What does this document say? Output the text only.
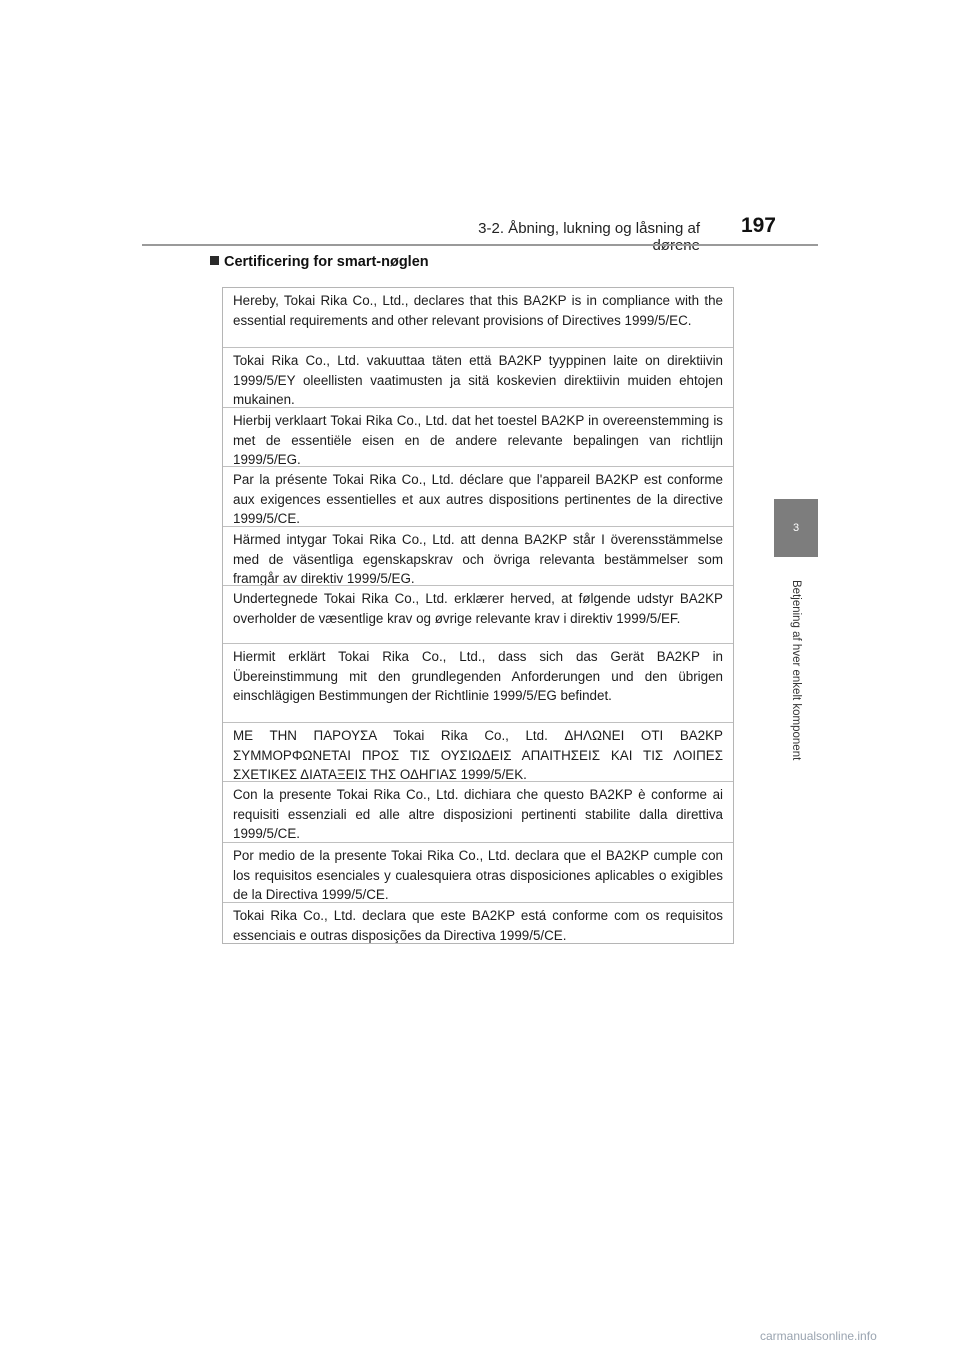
3-2. Åbning, lukning og låsning af	197
3
Betjening af hver enkelt komponent
Certificering for smart-nøglen
Hereby, Tokai Rika Co., Ltd., declares that this BA2KP is in compliance with the essential requirements and other relevant provisions of Directives 1999/5/EC.
Tokai Rika Co., Ltd. vakuuttaa täten että BA2KP tyyppinen laite on direktiivin 1999/5/EY oleellisten vaatimusten ja sitä koskevien direktiivin muiden ehtojen mukainen.
Hierbij verklaart Tokai Rika Co., Ltd. dat het toestel BA2KP in overeenstemming is met de essentiële eisen en de andere relevante bepalingen van richtlijn 1999/5/EG.
Par la présente Tokai Rika Co., Ltd. déclare que l'appareil BA2KP est conforme aux exigences essentielles et aux autres dispositions pertinentes de la directive 1999/5/CE.
Härmed intygar Tokai Rika Co., Ltd. att denna BA2KP står I överensstämmelse med de väsentliga egenskapskrav och övriga relevanta bestämmelser som framgår av direktiv 1999/5/EG.
Undertegnede Tokai Rika Co., Ltd. erklærer herved, at følgende udstyr BA2KP overholder de væsentlige krav og øvrige relevante krav i direktiv 1999/5/EF.
Hiermit erklärt Tokai Rika Co., Ltd., dass sich das Gerät BA2KP in Übereinstimmung mit den grundlegenden Anforderungen und den übrigen einschlägigen Bestimmungen der Richtlinie 1999/5/EG befindet.
ΜΕ ΤΗΝ ΠΑΡΟΥΣΑ Tokai Rika Co., Ltd. ΔΗΛΩΝΕΙ ΟΤΙ BA2KP ΣΥΜΜΟΡΦΩΝΕΤΑΙ ΠΡΟΣ ΤΙΣ ΟΥΣΙΩΔΕΙΣ ΑΠΑΙΤΗΣΕΙΣ ΚΑΙ ΤΙΣ ΛΟΙΠΕΣ ΣΧΕΤΙΚΕΣ ΔΙΑΤΑΞΕΙΣ ΤΗΣ ΟΔΗΓΙΑΣ 1999/5/ΕΚ.
Con la presente Tokai Rika Co., Ltd. dichiara che questo BA2KP è conforme ai requisiti essenziali ed alle altre disposizioni pertinenti stabilite dalla direttiva 1999/5/CE.
Por medio de la presente Tokai Rika Co., Ltd. declara que el BA2KP cumple con los requisitos esenciales y cualesquiera otras disposiciones aplicables o exigibles de la Directiva 1999/5/CE.
Tokai Rika Co., Ltd. declara que este BA2KP está conforme com os requisitos essenciais e outras disposições da Directiva 1999/5/CE.
carmanualsonline.info
